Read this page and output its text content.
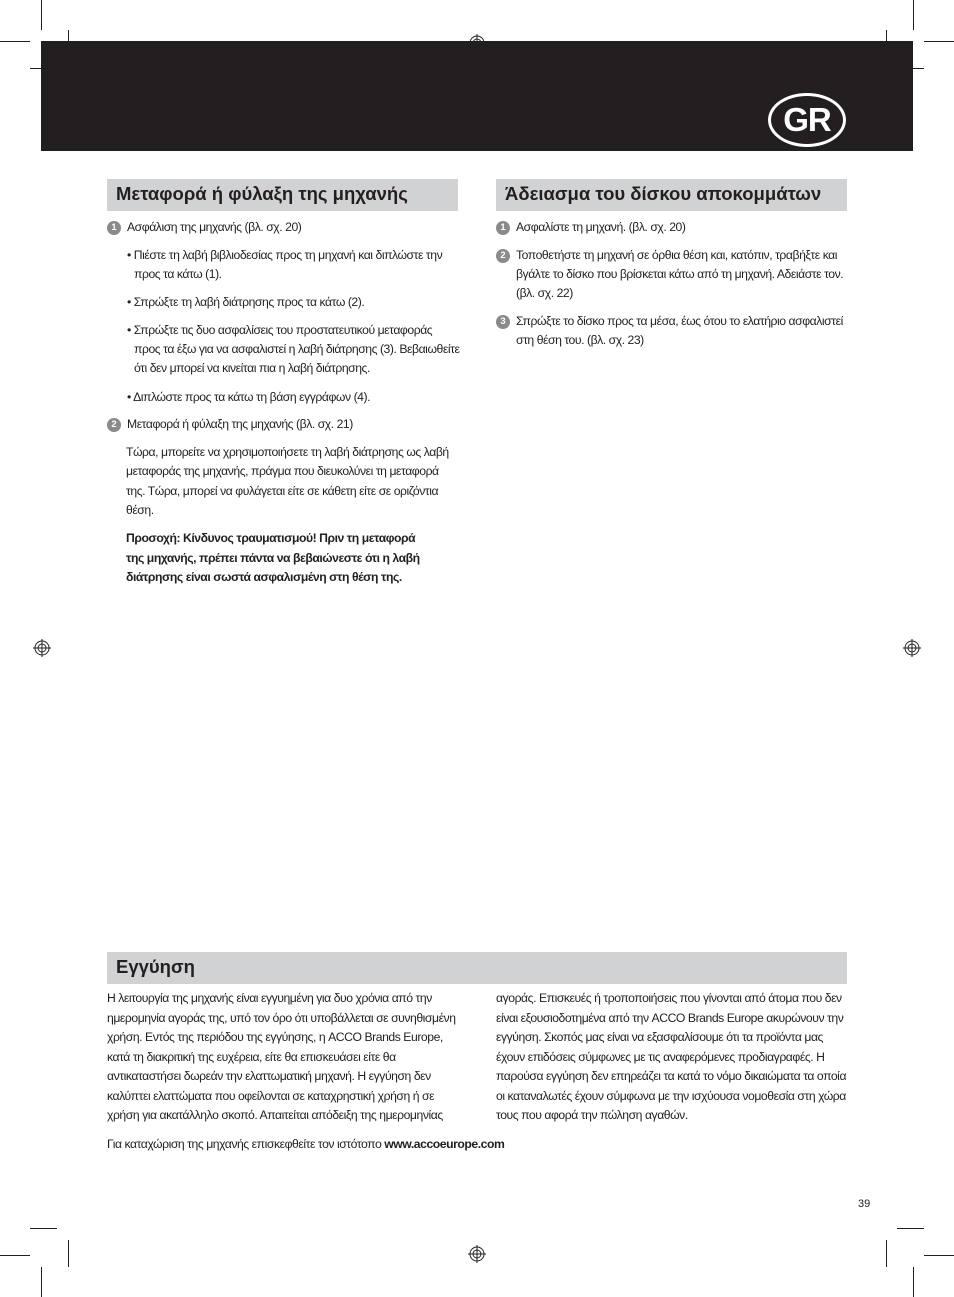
GR
Μεταφορά ή φύλαξη της μηχανής
1 Ασφάλιση της μηχανής (βλ. σχ. 20)
• Πιέστε τη λαβή βιβλιοδεσίας προς τη μηχανή και διπλώστε την
προς τα κάτω (1).
• Σπρώξτε τη λαβή διάτρησης προς τα κάτω (2).
• Σπρώξτε τις δυο ασφαλίσεις του προστατευτικού μεταφοράς
προς τα έξω για να ασφαλιστεί η λαβή διάτρησης (3). Βεβαιωθείτε
ότι δεν μπορεί να κινείται πια η λαβή διάτρησης.
• Διπλώστε προς τα κάτω τη βάση εγγράφων (4).
2 Μεταφορά ή φύλαξη της μηχανής (βλ. σχ. 21)
Τώρα, μπορείτε να χρησιμοποιήσετε τη λαβή διάτρησης ως λαβή
μεταφοράς της μηχανής, πράγμα που διευκολύνει τη μεταφορά
της. Τώρα, μπορεί να φυλάγεται είτε σε κάθετη είτε σε οριζόντια
θέση.
Προσοχή: Κίνδυνος τραυματισμού! Πριν τη μεταφορά
της μηχανής, πρέπει πάντα να βεβαιώνεστε ότι η λαβή
διάτρησης είναι σωστά ασφαλισμένη στη θέση της.
Άδειασμα του δίσκου αποκομμάτων
1 Ασφαλίστε τη μηχανή. (βλ. σχ. 20)
2 Τοποθετήστε τη μηχανή σε όρθια θέση και, κατόπιν, τραβήξτε και
βγάλτε το δίσκο που βρίσκεται κάτω από τη μηχανή. Αδειάστε τον.
(βλ. σχ. 22)
3 Σπρώξτε το δίσκο προς τα μέσα, έως ότου το ελατήριο ασφαλιστεί
στη θέση του. (βλ. σχ. 23)
Εγγύηση
Η λειτουργία της μηχανής είναι εγγυημένη για δυο χρόνια από την
ημερομηνία αγοράς της, υπό τον όρο ότι υποβάλλεται σε συνηθισμένη
χρήση. Εντός της περιόδου της εγγύησης, η ACCO Brands Europe,
κατά τη διακριτική της ευχέρεια, είτε θα επισκευάσει είτε θα
αντικαταστήσει δωρεάν την ελαττωματική μηχανή. Η εγγύηση δεν
καλύπτει ελαττώματα που οφείλονται σε καταχρηστική χρήση ή σε
χρήση για ακατάλληλο σκοπό. Απαιτείται απόδειξη της ημερομηνίας
αγοράς. Επισκευές ή τροποποιήσεις που γίνονται από άτομα που δεν
είναι εξουσιοδοτημένα από την ACCO Brands Europe ακυρώνουν την
εγγύηση. Σκοπός μας είναι να εξασφαλίσουμε ότι τα προϊόντα μας
έχουν επιδόσεις σύμφωνες με τις αναφερόμενες προδιαγραφές. Η
παρούσα εγγύηση δεν επηρεάζει τα κατά το νόμο δικαιώματα τα οποία
οι καταναλωτές έχουν σύμφωνα με την ισχύουσα νομοθεσία στη χώρα
τους που αφορά την πώληση αγαθών.
Για καταχώριση της μηχανής επισκεφθείτε τον ιστότοπο www.accoeurope.com
39
